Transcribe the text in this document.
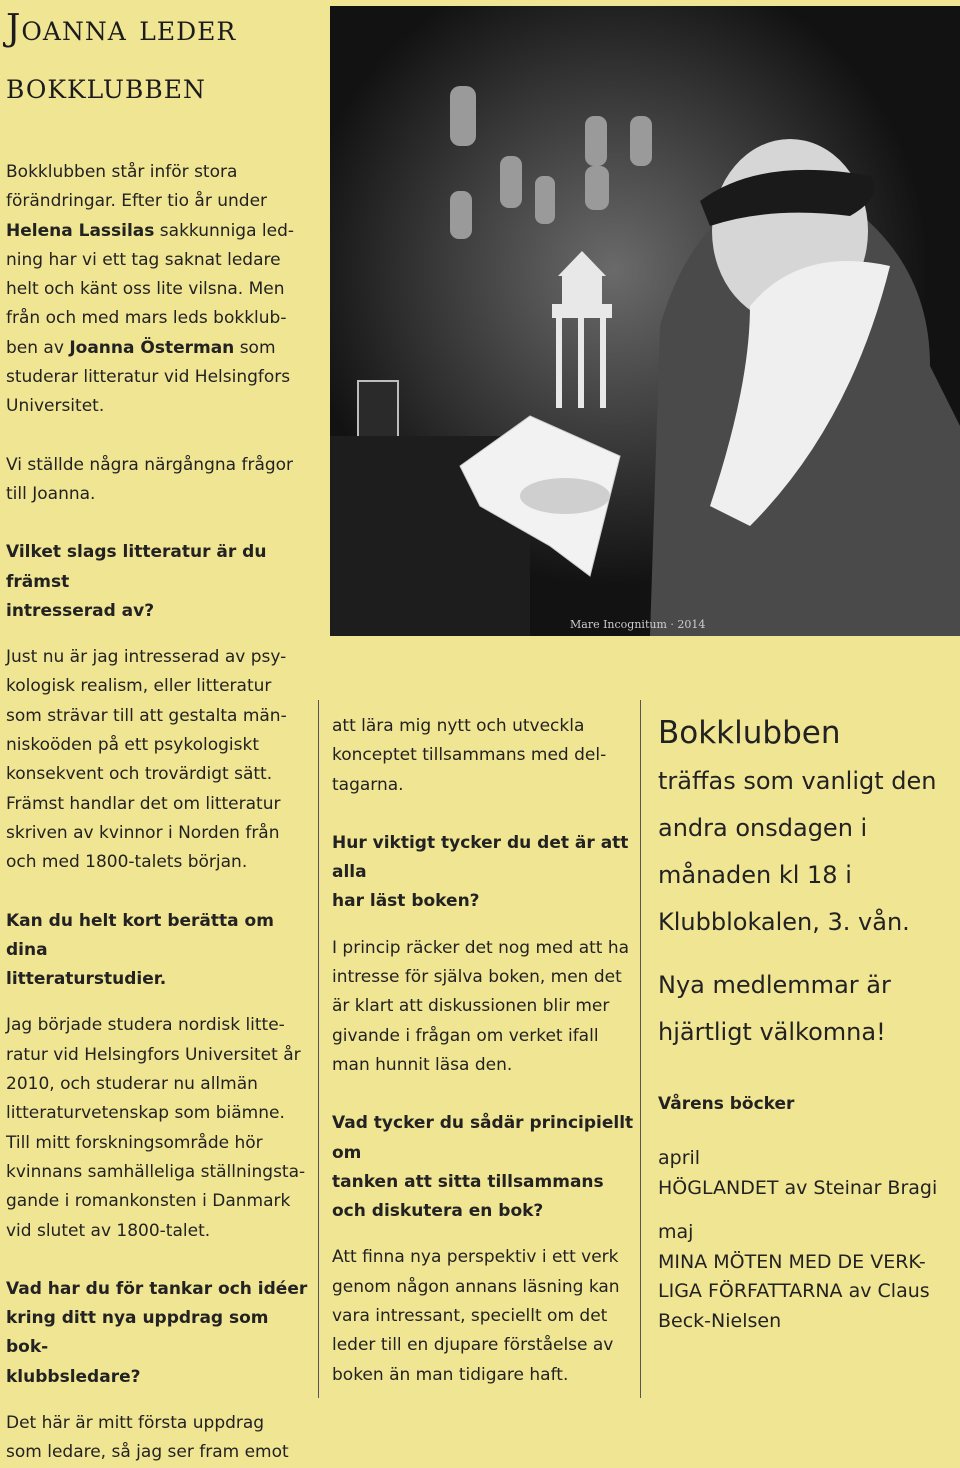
Joanna leder
bokklubben
Mare Incognitum · 2014

Bokklubben står inför stora
förändringar. Efter tio år under
Helena Lassilas sakkunniga led-
ning har vi ett tag saknat ledare
helt och känt oss lite vilsna. Men
från och med mars leds bokklub-
ben av Joanna Österman som
studerar litteratur vid Helsingfors
Universitet.

Vi ställde några närgångna frågor
till Joanna.

Vilket slags litteratur är du främst
intresserad av?

Just nu är jag intresserad av psy-
kologisk realism, eller litteratur
som strävar till att gestalta män-
niskoöden på ett psykologiskt
konsekvent och trovärdigt sätt.
Främst handlar det om litteratur
skriven av kvinnor i Norden från
och med 1800-talets början.

Kan du helt kort berätta om dina
litteraturstudier.

Jag började studera nordisk litte-
ratur vid Helsingfors Universitet år
2010, och studerar nu allmän
litteraturvetenskap som biämne.
Till mitt forskningsområde hör
kvinnans samhälleliga ställningsta-
gande i romankonsten i Danmark
vid slutet av 1800-talet.

Vad har du för tankar och idéer
kring ditt nya uppdrag som bok-
klubbsledare?

Det här är mitt första uppdrag
som ledare, så jag ser fram emot

att lära mig nytt och utveckla
konceptet tillsammans med del-
tagarna.

Hur viktigt tycker du det är att alla
har läst boken?

I princip räcker det nog med att ha
intresse för själva boken, men det
är klart att diskussionen blir mer
givande i frågan om verket ifall
man hunnit läsa den.

Vad tycker du sådär principiellt om
tanken att sitta tillsammans
och diskutera en bok?

Att finna nya perspektiv i ett verk
genom någon annans läsning kan
vara intressant, speciellt om det
leder till en djupare förståelse av
boken än man tidigare haft.

Bokklubben
träffas som vanligt den
andra onsdagen i
månaden kl 18 i
Klubblokalen, 3. vån.
Nya medlemmar är
hjärtligt välkomna!
Vårens böcker
april
HÖGLANDET av Steinar Bragi
maj
MINA MÖTEN MED DE VERK-
LIGA FÖRFATTARNA av Claus
Beck-Nielsen
